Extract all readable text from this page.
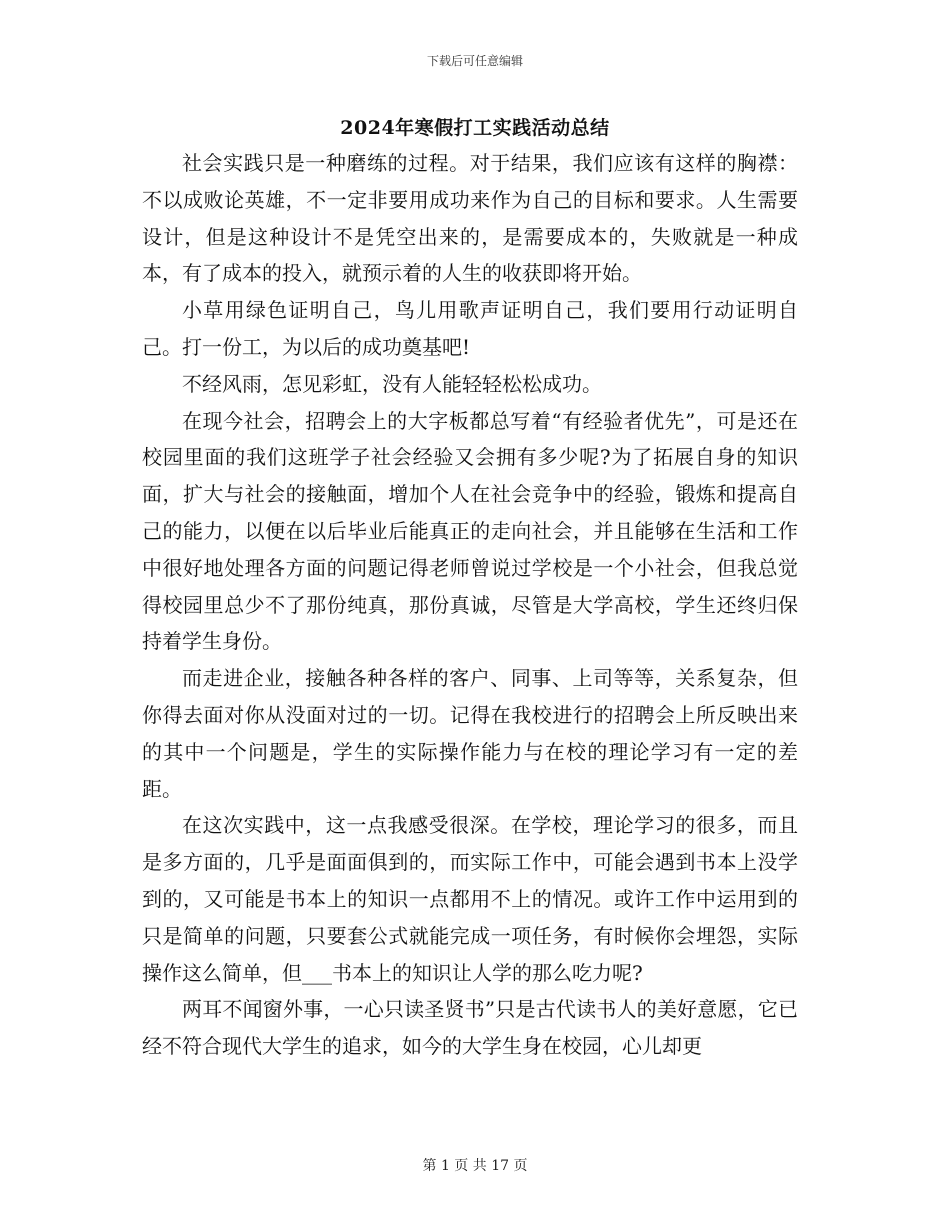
下载后可任意编辑
2024年寒假打工实践活动总结

社会实践只是一种磨练的过程。对于结果，我们应该有这样的胸襟：不以成败论英雄，不一定非要用成功来作为自己的目标和要求。人生需要设计，但是这种设计不是凭空出来的，是需要成本的，失败就是一种成本，有了成本的投入，就预示着的人生的收获即将开始。

小草用绿色证明自己，鸟儿用歌声证明自己，我们要用行动证明自己。打一份工，为以后的成功奠基吧!

不经风雨，怎见彩虹，没有人能轻轻松松成功。

在现今社会，招聘会上的大字板都总写着“有经验者优先”，可是还在校园里面的我们这班学子社会经验又会拥有多少呢?为了拓展自身的知识面，扩大与社会的接触面，增加个人在社会竞争中的经验，锻炼和提高自己的能力，以便在以后毕业后能真正的走向社会，并且能够在生活和工作中很好地处理各方面的问题记得老师曾说过学校是一个小社会，但我总觉得校园里总少不了那份纯真，那份真诚，尽管是大学高校，学生还终归保持着学生身份。

而走进企业，接触各种各样的客户、同事、上司等等，关系复杂，但你得去面对你从没面对过的一切。记得在我校进行的招聘会上所反映出来的其中一个问题是，学生的实际操作能力与在校的理论学习有一定的差距。

在这次实践中，这一点我感受很深。在学校，理论学习的很多，而且是多方面的，几乎是面面俱到的，而实际工作中，可能会遇到书本上没学到的，又可能是书本上的知识一点都用不上的情况。或许工作中运用到的只是简单的问题，只要套公式就能完成一项任务，有时候你会埋怨，实际操作这么简单，但___书本上的知识让人学的那么吃力呢?

两耳不闻窗外事，一心只读圣贤书”只是古代读书人的美好意愿，它已经不符合现代大学生的追求，如今的大学生身在校园，心儿却更

第 1 页 共 17 页
